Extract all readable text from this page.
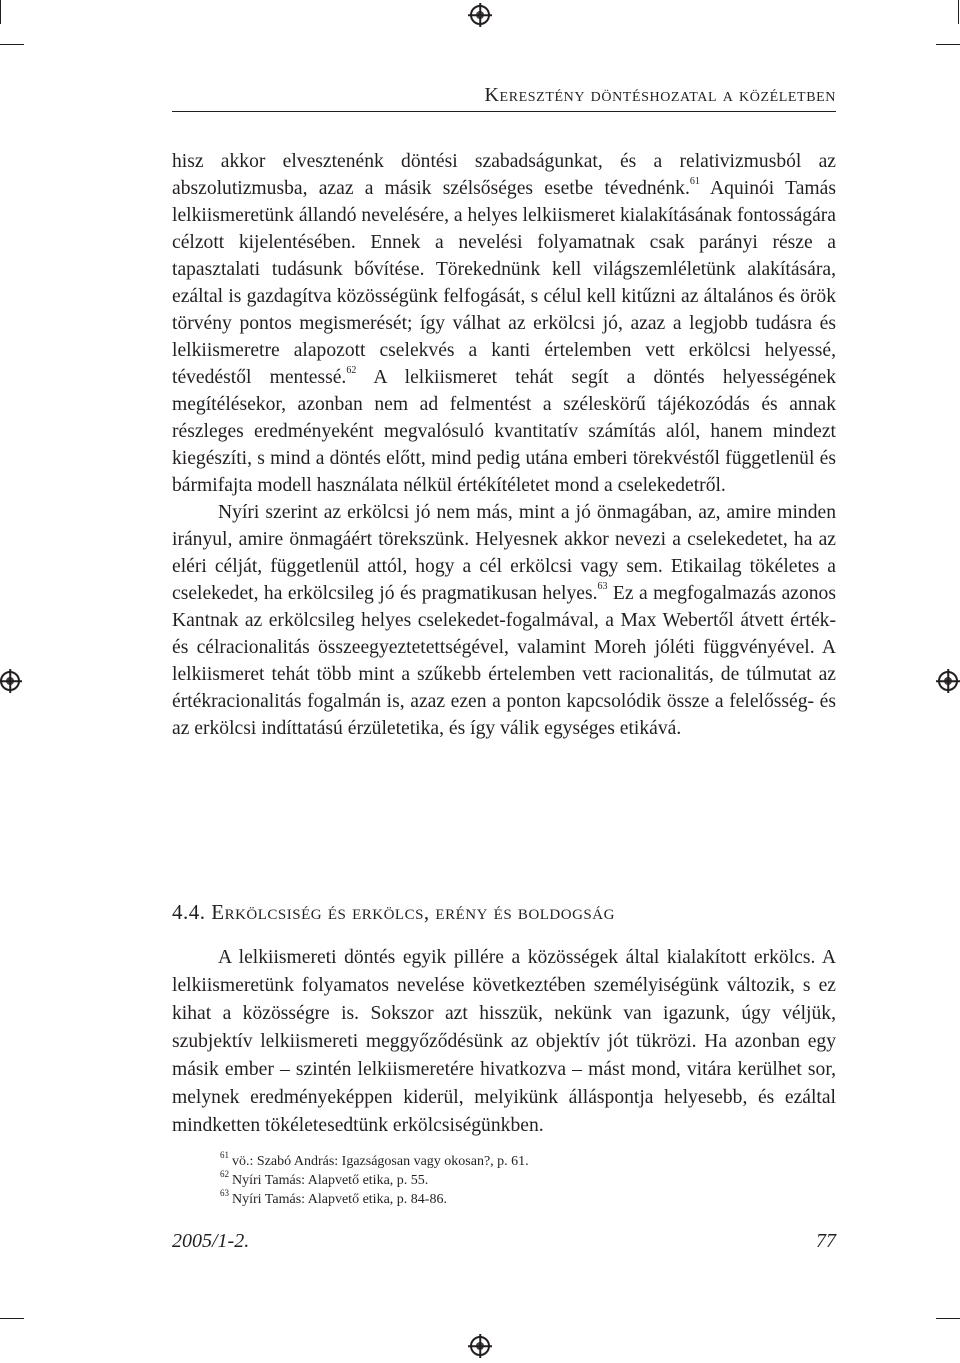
Keresztény döntéshozatal a közéletben

hisz akkor elvesztenénk döntési szabadságunkat, és a relativizmusból az abszolutizmusba, azaz a másik szélsőséges esetbe tévednénk.$^{61}$ Aquinói Tamás lelkiismeretünk állandó nevelésére, a helyes lelkiismeret kialakításának fontosságára célzott kijelentésében. Ennek a nevelési folyamatnak csak parányi része a tapasztalati tudásunk bővítése. Törekednünk kell világszemléletünk alakítására, ezáltal is gazdagítva közösségünk felfogását, s célul kell kitűzni az általános és örök törvény pontos megismerését; így válhat az erkölcsi jó, azaz a legjobb tudásra és lelkiismeretre alapozott cselekvés a kanti értelemben vett erkölcsi helyessé, tévedéstől mentessé.$^{62}$ A lelkiismeret tehát segít a döntés helyességének megítélésekor, azonban nem ad felmentést a széleskörű tájékozódás és annak részleges eredményeként megvalósuló kvantitatív számítás alól, hanem mindezt kiegészíti, s mind a döntés előtt, mind pedig utána emberi törekvéstől függetlenül és bármifajta modell használata nélkül értékítéletet mond a cselekedetről.

Nyíri szerint az erkölcsi jó nem más, mint a jó önmagában, az, amire minden irányul, amire önmagáért törekszünk. Helyesnek akkor nevezi a cselekedetet, ha az eléri célját, függetlenül attól, hogy a cél erkölcsi vagy sem. Etikailag tökéletes a cselekedet, ha erkölcsileg jó és pragmatikusan helyes.$^{63}$ Ez a megfogalmazás azonos Kantnak az erkölcsileg helyes cselekedet-fogalmával, a Max Webertől átvett érték- és célracionalitás összeegyeztetettségével, valamint Moreh jóléti függvényével. A lelkiismeret tehát több mint a szűkebb értelemben vett racionalitás, de túlmutat az értékracionalitás fogalmán is, azaz ezen a ponton kapcsolódik össze a felelősség- és az erkölcsi indíttatású érzületetika, és így válik egységes etikává.

4.4. Erkölcsiség és erkölcs, erény és boldogság

A lelkiismereti döntés egyik pillére a közösségek által kialakított erkölcs. A lelkiismeretünk folyamatos nevelése következtében személyiségünk változik, s ez kihat a közösségre is. Sokszor azt hisszük, nekünk van igazunk, úgy véljük, szubjektív lelkiismereti meggyőződésünk az objektív jót tükrözi. Ha azonban egy másik ember – szintén lelkiismeretére hivatkozva – mást mond, vitára kerülhet sor, melynek eredményeképpen kiderül, melyikünk álláspontja helyesebb, és ezáltal mindketten tökéletesedtünk erkölcsiségünkben.

$^{61}$ vö.: Szabó András: Igazságosan vagy okosan?, p. 61.
$^{62}$ Nyíri Tamás: Alapvető etika, p. 55.
$^{63}$ Nyíri Tamás: Alapvető etika, p. 84-86.
2005/1-2.	77
